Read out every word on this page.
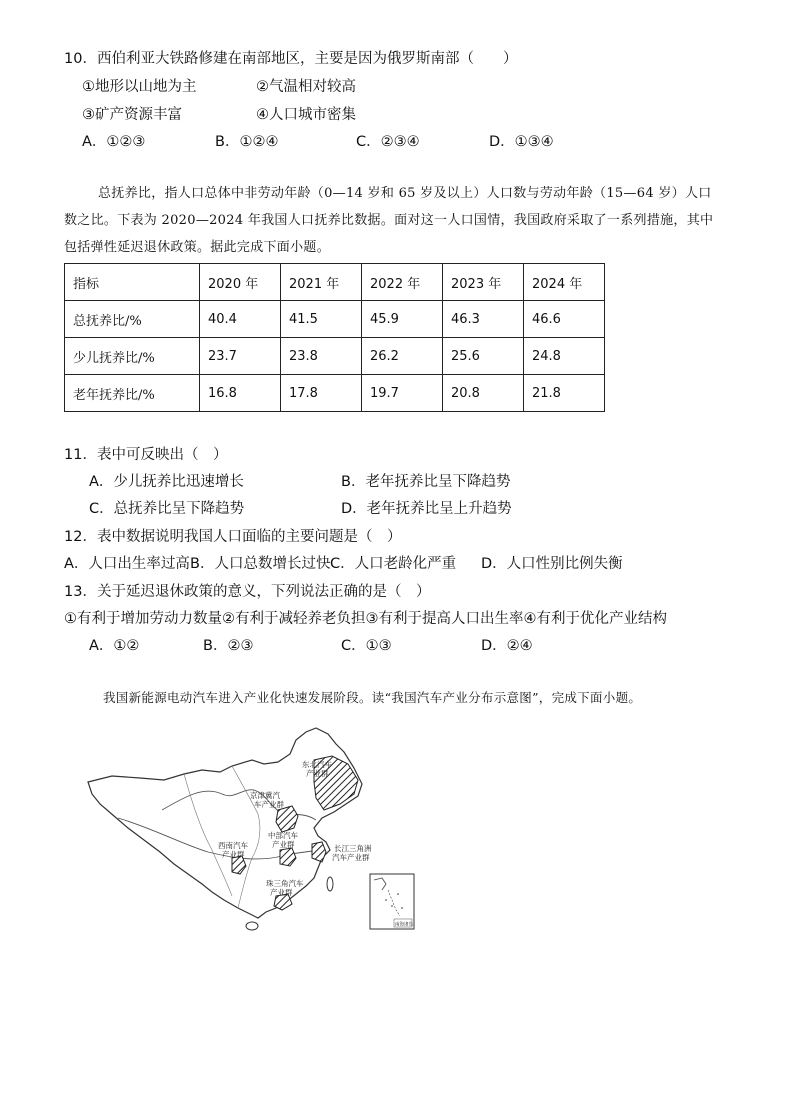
10．西伯利亚大铁路修建在南部地区，主要是因为俄罗斯南部（　　）
①地形以山地为主	②气温相对较高
③矿产资源丰富	④人口城市密集
A．①②③	B．①②④	C．②③④	D．①③④
总抚养比，指人口总体中非劳动年龄（0—14 岁和 65 岁及以上）人口数与劳动年龄（15—64 岁）人口
数之比。下表为 2020—2024 年我国人口抚养比数据。面对这一人口国情，我国政府采取了一系列措施，其中
包括弹性延迟退休政策。据此完成下面小题。
指标	2020 年	2021 年	2022 年	2023 年	2024 年
总抚养比/%	40.4	41.5	45.9	46.3	46.6
少儿抚养比/%	23.7	23.8	26.2	25.6	24.8
老年抚养比/%	16.8	17.8	19.7	20.8	21.8
11．表中可反映出（　）
A．少儿抚养比迅速增长	B．老年抚养比呈下降趋势
C．总抚养比呈下降趋势	D．老年抚养比呈上升趋势
12．表中数据说明我国人口面临的主要问题是（　）
A．人口出生率过高 B．人口总数增长过快 C．人口老龄化严重 D．人口性别比例失衡
13．关于延迟退休政策的意义，下列说法正确的是（　）
①有利于增加劳动力数量②有利于减轻养老负担③有利于提高人口出生率④有利于优化产业结构
A．①②	B．②③	C．①③	D．②④
我国新能源电动汽车进入产业化快速发展阶段。读“我国汽车产业分布示意图”，完成下面小题。
东北汽车
产业群
京津冀汽
车产业群
中部汽车
产业群
西南汽车
产业群
长江三角洲
汽车产业群
珠三角汽车
产业群
南海诸岛
